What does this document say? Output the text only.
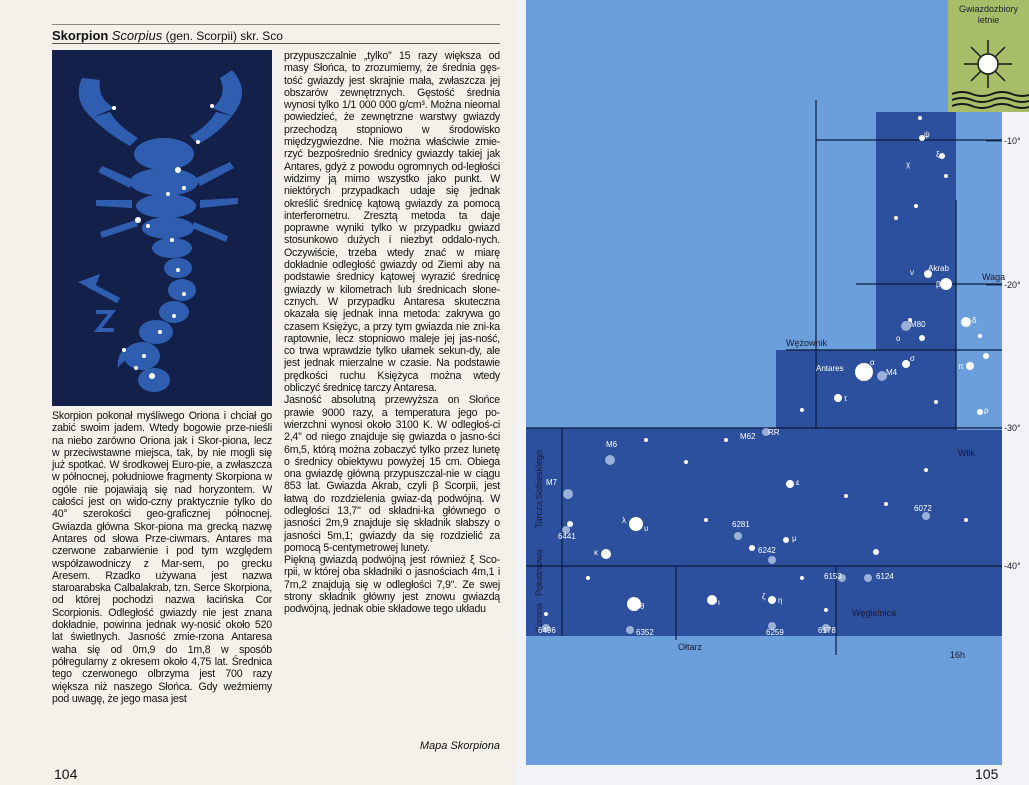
Skorpion Scorpius (gen. Scorpii) skr. Sco

Skorpion pokonał myśliwego Oriona i chciał go zabić swoim jadem. Wtedy bogowie prze-nieśli na niebo zarówno Oriona jak i Skor-piona, lecz w przeciwstawne miejsca, tak, by nie mogli się już spotkać. W środkowej Euro-pie, a zwłaszcza w północnej, południowe fragmenty Skorpiona w ogóle nie pojawiają się nad horyzontem. W całości jest on wido-czny praktycznie tylko do 40° szerokości geo-graficznej północnej. Gwiazda główna Skor-piona ma grecką nazwę Antares od słowa Prze-ciwmars. Antares ma czerwone zabarwienie i pod tym względem współzawodniczy z Mar-sem, po grecku Aresem. Rzadko używana jest nazwa staroarabska Calbalakrab, tzn. Serce Skorpiona, od której pochodzi nazwa łacińska Cor Scorpionis. Odległość gwiazdy nie jest znana dokładnie, powinna jednak wy-nosić około 520 lat świetlnych. Jasność zmie-rzona Antaresa waha się od 0m,9 do 1m,8 w sposób półregularny z okresem około 4,75 lat. Średnica tego czerwonego olbrzyma jest 700 razy większa niż naszego Słońca. Gdy weźmiemy pod uwagę, że jego masa jest

104

przypuszczalnie „tylko” 15 razy większa od masy Słońca, to zrozumiemy, że średnia gęs-tość gwiazdy jest skrajnie mała, zwłaszcza jej obszarów zewnętrznych. Gęstość średnia wynosi tylko 1/1 000 000 g/cm³. Można nieomal powiedzieć, że zewnętrzne warstwy gwiazdy przechodzą stopniowo w środowisko międzygwiezdne. Nie można właściwie zmie-rzyć bezpośrednio średnicy gwiazdy takiej jak Antares, gdyż z powodu ogromnych od-ległości widzimy ją mimo wszystko jako punkt. W niektórych przypadkach udaje się jednak określić średnicę kątową gwiazdy za pomocą interferometru. Zresztą metoda ta daje poprawne wyniki tylko w przypadku gwiazd stosunkowo dużych i niezbyt oddalo-nych. Oczywiście, trzeba wtedy znać w miarę dokładnie odległość gwiazdy od Ziemi aby na podstawie średnicy kątowej wyrazić średnicę gwiazdy w kilometrach lub średnicach słone-cznych. W przypadku Antaresa skuteczna okazała się jednak inna metoda: zakrywa go czasem Księżyc, a przy tym gwiazda nie zni-ka raptownie, lecz stopniowo maleje jej jas-ność, co trwa wprawdzie tylko ułamek sekun-dy, ale jest jednak mierzalne w czasie. Na podstawie prędkości ruchu Księżyca można wtedy obliczyć średnicę tarczy Antaresa.

Jasność absolutną przewyższa on Słońce prawie 9000 razy, a temperatura jego po-wierzchni wynosi około 3100 K. W odległoś-ci 2,4" od niego znajduje się gwiazda o jasno-ści 6m,5, którą można zobaczyć tylko przez lunetę o średnicy obiektywu powyżej 15 cm. Obiega ona gwiazdę główną przypuszczal-nie w ciągu 853 lat. Gwiazda Akrab, czyli β Scorpii, jest łatwą do rozdzielenia gwiaz-dą podwójną. W odległości 13,7" od składni-ka głównego o jasności 2m,9 znajduje się składnik słabszy o jasności 5m,1; gwiazdy da się rozdzielić za pomocą 5-centymetrowej lunety.

Piękną gwiazdą podwójną jest również ξ Sco-rpii, w której oba składniki o jasnościach 4m,1 i 7m,2 znajdują się w odległości 7,9". Ze swej strony składnik główny jest znowu gwiazdą podwójną, jednak obie składowe tego układu

Mapa Skorpiona
Wężownik
Waga
Wilk
Węgielnica
Ołtarz
Korona
Południowa
Tarcza Sobieskiego
-10°
-20°
-30°
-40°
16h
Antares
α
Akrab
β
ν
χ
ψ
ξ
ο
σ
τ
δ
π
ρ
ε
μ
ζ η
θ
κ
λ
υ
ι
M80
M4
M6
M7
M62 RR
6072
6281
6242
6441
6153	6124
6178
6259
6352
6496
Gwiazdozbiory
letnie
105
